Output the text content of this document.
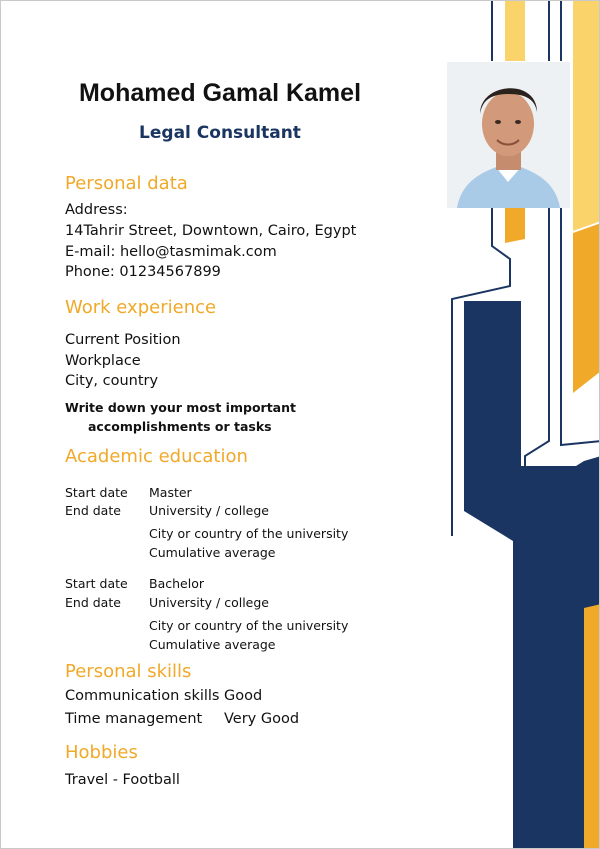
Mohamed Gamal Kamel
Legal Consultant
Personal data
Address:
14Tahrir Street, Downtown, Cairo, Egypt
E-mail: hello@tasmimak.com
Phone: 01234567899
Work experience
Current Position
Workplace
City, country
Write down your most important
accomplishments or tasks
Academic education
Start date
End date
Master
University / college
City or country of the university
Cumulative average
Start date
End date
Bachelor
University / college
City or country of the university
Cumulative average
Personal skills
Communication skills Good
Time management Very Good
Hobbies
Travel - Football
